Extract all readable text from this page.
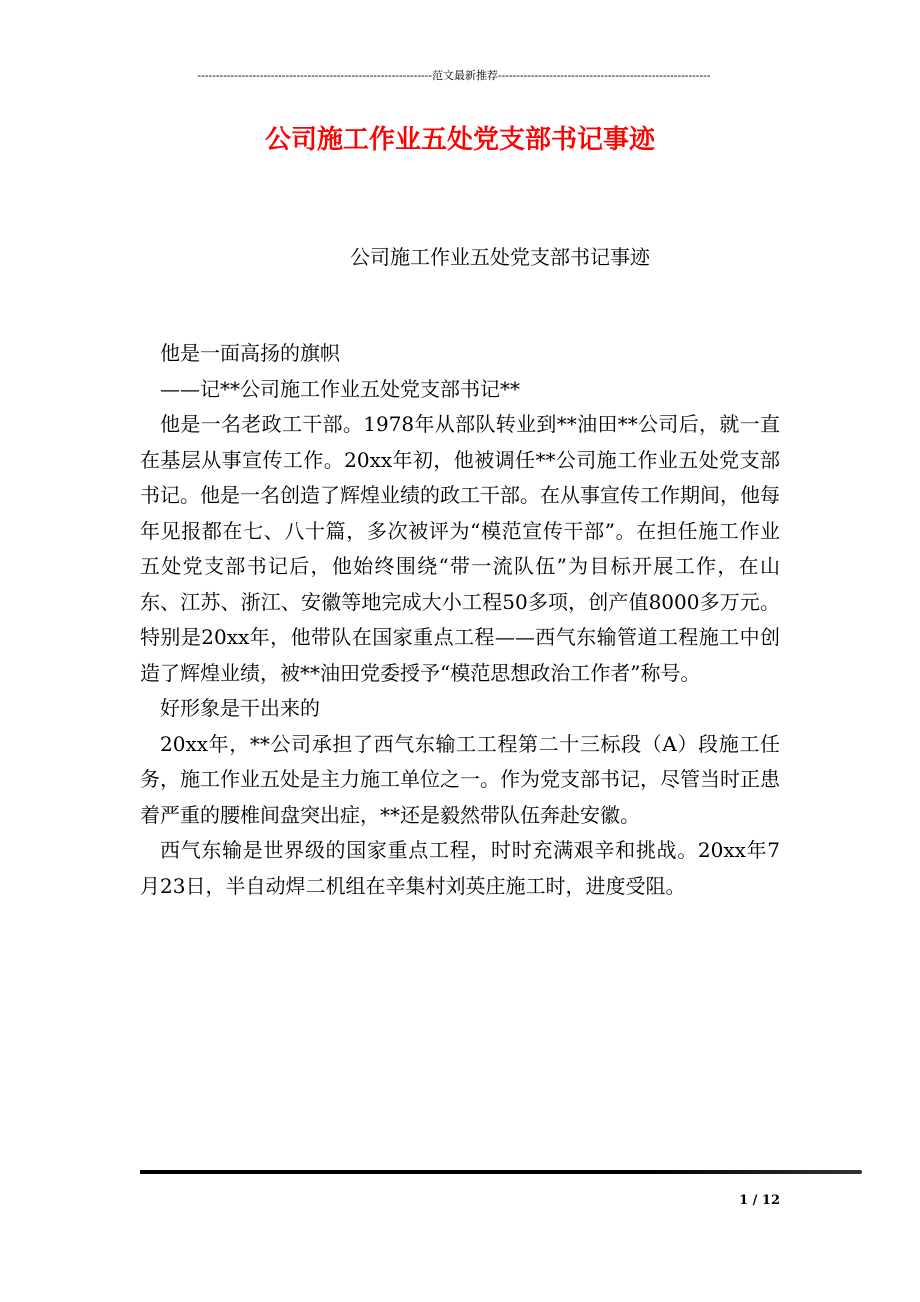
----------------------------------------------------------------范文最新推荐----------------------------------------------------------
公司施工作业五处党支部书记事迹
公司施工作业五处党支部书记事迹

他是一面高扬的旗帜

——记**公司施工作业五处党支部书记**

他是一名老政工干部。1978年从部队转业到**油田**公司后，就一直在基层从事宣传工作。20xx年初，他被调任**公司施工作业五处党支部书记。他是一名创造了辉煌业绩的政工干部。在从事宣传工作期间，他每年见报都在七、八十篇，多次被评为“模范宣传干部”。在担任施工作业五处党支部书记后，他始终围绕“带一流队伍”为目标开展工作，在山东、江苏、浙江、安徽等地完成大小工程50多项，创产值8000多万元。特别是20xx年，他带队在国家重点工程——西气东输管道工程施工中创造了辉煌业绩，被**油田党委授予“模范思想政治工作者”称号。

好形象是干出来的

20xx年，**公司承担了西气东输工工程第二十三标段（A）段施工任务，施工作业五处是主力施工单位之一。作为党支部书记，尽管当时正患着严重的腰椎间盘突出症，**还是毅然带队伍奔赴安徽。

西气东输是世界级的国家重点工程，时时充满艰辛和挑战。20xx年7月23日，半自动焊二机组在辛集村刘英庄施工时，进度受阻。

1 / 12
